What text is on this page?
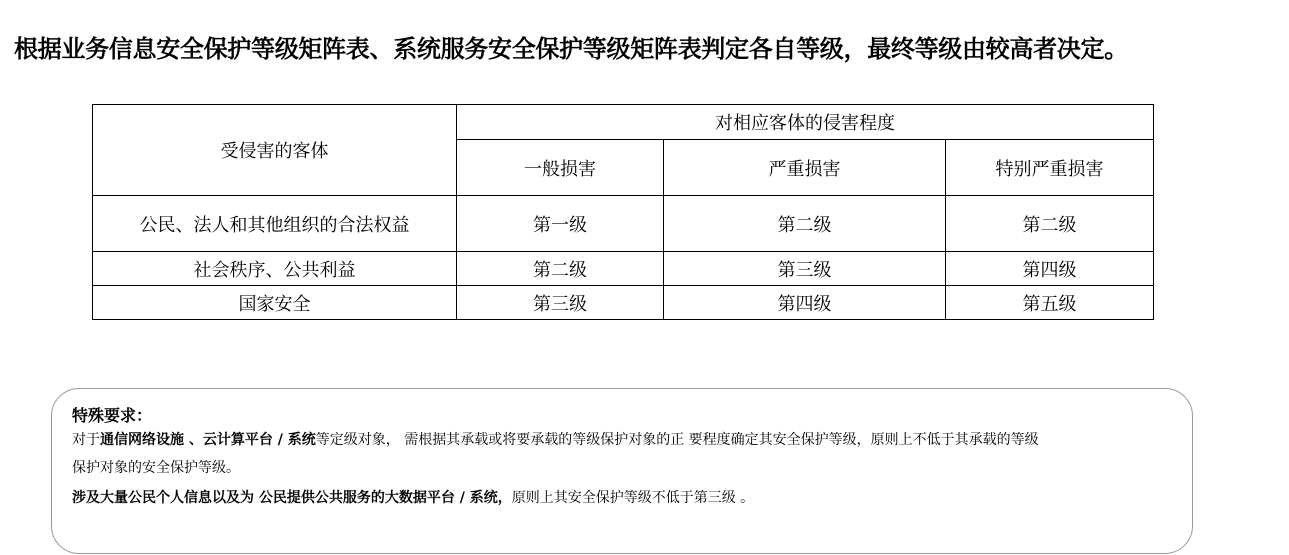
根据业务信息安全保护等级矩阵表、系统服务安全保护等级矩阵表判定各自等级，最终等级由较高者决定。
受侵害的客体	对相应客体的侵害程度		
	一般损害	严重损害	特别严重损害
公民、法人和其他组织的合法权益	第一级	第二级	第二级
社会秩序、公共利益	第二级	第三级	第四级
国家安全	第三级	第四级	第五级
特殊要求：
对于通信网络设施 、云计算平台 / 系统等定级对象， 需根据其承载或将要承载的等级保护对象的正 要程度确定其安全保护等级，原则上不低于其承载的等级
保护对象的安全保护等级。
涉及大量公民个人信息以及为 公民提供公共服务的大数据平台 / 系统，原则上其安全保护等级不低于第三级 。
